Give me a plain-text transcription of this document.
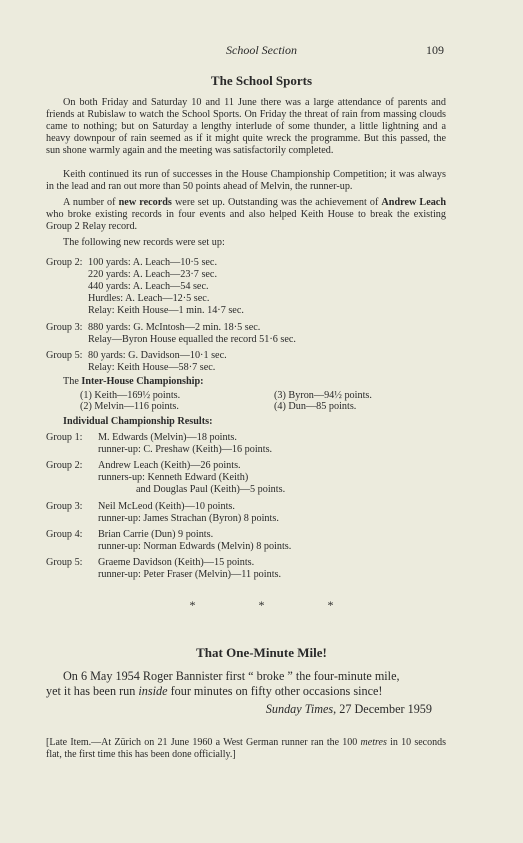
School Section	109
The School Sports
On both Friday and Saturday 10 and 11 June there was a large attendance of parents and friends at Rubislaw to watch the School Sports. On Friday the threat of rain from massing clouds came to nothing; but on Saturday a lengthy interlude of some thunder, a little lightning and a heavy downpour of rain seemed as if it might quite wreck the programme. But this passed, the sun shone warmly again and the meeting was satisfactorily completed.
Keith continued its run of successes in the House Championship Competition; it was always in the lead and ran out more than 50 points ahead of Melvin, the runner-up.
A number of new records were set up. Outstanding was the achievement of Andrew Leach who broke existing records in four events and also helped Keith House to break the existing Group 2 Relay record.
The following new records were set up:
Group 2: 100 yards: A. Leach—10·5 sec.
220 yards: A. Leach—23·7 sec.
440 yards: A. Leach—54 sec.
Hurdles: A. Leach—12·5 sec.
Relay: Keith House—1 min. 14·7 sec.
Group 3: 880 yards: G. McIntosh—2 min. 18·5 sec.
Relay—Byron House equalled the record 51·6 sec.
Group 5: 80 yards: G. Davidson—10·1 sec.
Relay: Keith House—58·7 sec.
The Inter-House Championship:
(1) Keith—169½ points.	(3) Byron—94½ points.
(2) Melvin—116 points.	(4) Dun—85 points.
Individual Championship Results:
Group 1: M. Edwards (Melvin)—18 points.
runner-up: C. Preshaw (Keith)—16 points.
Group 2: Andrew Leach (Keith)—26 points.
runners-up: Kenneth Edward (Keith)
and Douglas Paul (Keith)—5 points.
Group 3: Neil McLeod (Keith)—10 points.
runner-up: James Strachan (Byron) 8 points.
Group 4: Brian Carrie (Dun) 9 points.
runner-up: Norman Edwards (Melvin) 8 points.
Group 5: Graeme Davidson (Keith)—15 points.
runner-up: Peter Fraser (Melvin)—11 points.
* * *
That One-Minute Mile!
On 6 May 1954 Roger Bannister first “ broke ” the four-minute mile,
yet it has been run inside four minutes on fifty other occasions since!
Sunday Times, 27 December 1959
[Late Item.—At Zürich on 21 June 1960 a West German runner ran the 100 metres in 10 seconds flat, the first time this has been done officially.]
